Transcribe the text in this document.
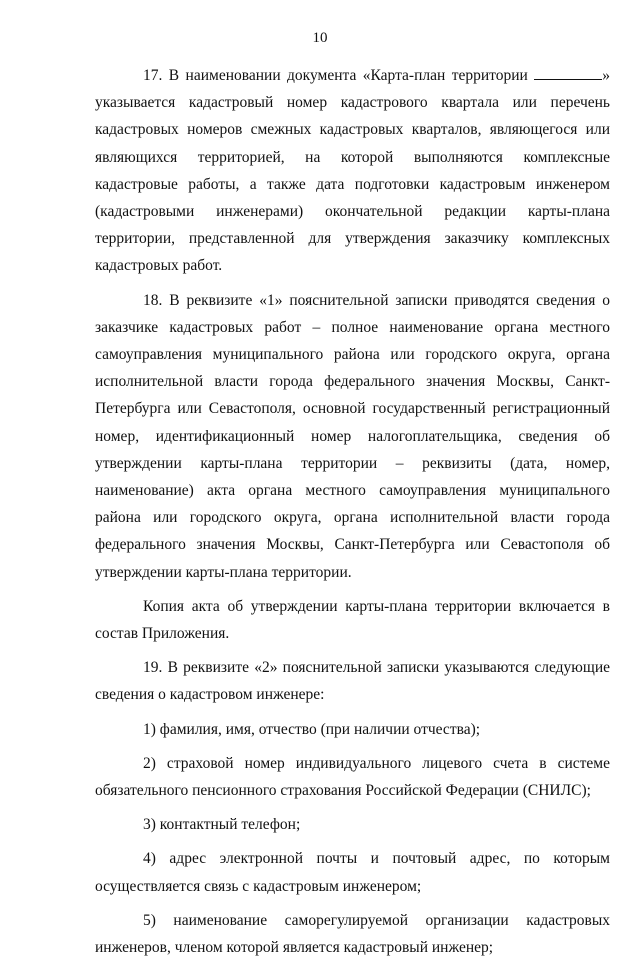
10

17. В наименовании документа «Карта-план территории	» указывается кадастровый номер кадастрового квартала или перечень кадастровых номеров смежных кадастровых кварталов, являющегося или являющихся территорией, на которой выполняются комплексные кадастровые работы, а также дата подготовки кадастровым инженером (кадастровыми инженерами) окончательной редакции карты-плана территории, представленной для утверждения заказчику комплексных кадастровых работ.

18. В реквизите «1» пояснительной записки приводятся сведения о заказчике кадастровых работ – полное наименование органа местного самоуправления муниципального района или городского округа, органа исполнительной власти города федерального значения Москвы, Санкт-Петербурга или Севастополя, основной государственный регистрационный номер, идентификационный номер налогоплательщика, сведения об утверждении карты-плана территории – реквизиты (дата, номер, наименование) акта органа местного самоуправления муниципального района или городского округа, органа исполнительной власти города федерального значения Москвы, Санкт-Петербурга или Севастополя об утверждении карты-плана территории.

Копия акта об утверждении карты-плана территории включается в состав Приложения.

19. В реквизите «2» пояснительной записки указываются следующие сведения о кадастровом инженере:

1) фамилия, имя, отчество (при наличии отчества);

2) страховой номер индивидуального лицевого счета в системе обязательного пенсионного страхования Российской Федерации (СНИЛС);

3) контактный телефон;

4) адрес электронной почты и почтовый адрес, по которым осуществляется связь с кадастровым инженером;

5) наименование саморегулируемой организации кадастровых инженеров, членом которой является кадастровый инженер;
